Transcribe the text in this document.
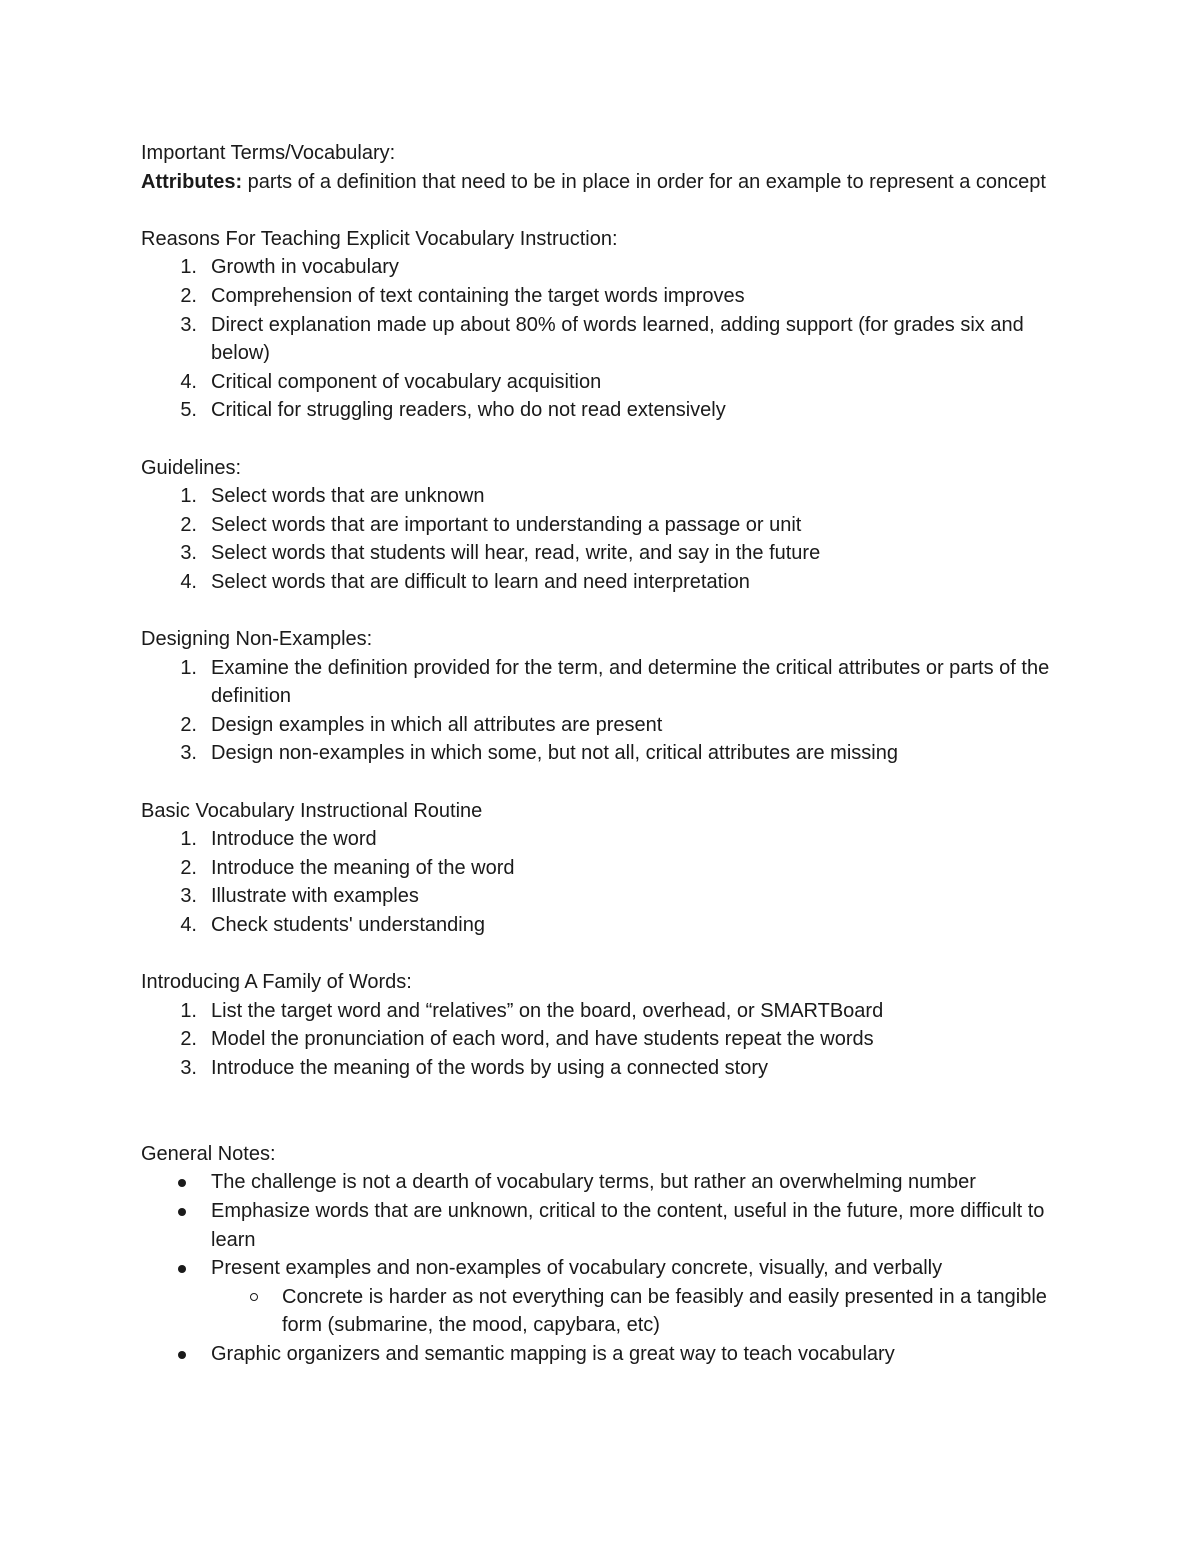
Important Terms/Vocabulary:

Attributes: parts of a definition that need to be in place in order for an example to represent a concept

Reasons For Teaching Explicit Vocabulary Instruction:

1. Growth in vocabulary
2. Comprehension of text containing the target words improves
3. Direct explanation made up about 80% of words learned, adding support (for grades six and below)
4. Critical component of vocabulary acquisition
5. Critical for struggling readers, who do not read extensively

Guidelines:

1. Select words that are unknown
2. Select words that are important to understanding a passage or unit
3. Select words that students will hear, read, write, and say in the future
4. Select words that are difficult to learn and need interpretation

Designing Non-Examples:

1. Examine the definition provided for the term, and determine the critical attributes or parts of the definition
2. Design examples in which all attributes are present
3. Design non-examples in which some, but not all, critical attributes are missing

Basic Vocabulary Instructional Routine

1. Introduce the word
2. Introduce the meaning of the word
3. Illustrate with examples
4. Check students' understanding

Introducing A Family of Words:

1. List the target word and “relatives” on the board, overhead, or SMARTBoard
2. Model the pronunciation of each word, and have students repeat the words
3. Introduce the meaning of the words by using a connected story

General Notes:

The challenge is not a dearth of vocabulary terms, but rather an overwhelming number
Emphasize words that are unknown, critical to the content, useful in the future, more difficult to learn
Present examples and non-examples of vocabulary concrete, visually, and verbally
Concrete is harder as not everything can be feasibly and easily presented in a tangible form (submarine, the mood, capybara, etc)
Graphic organizers and semantic mapping is a great way to teach vocabulary
